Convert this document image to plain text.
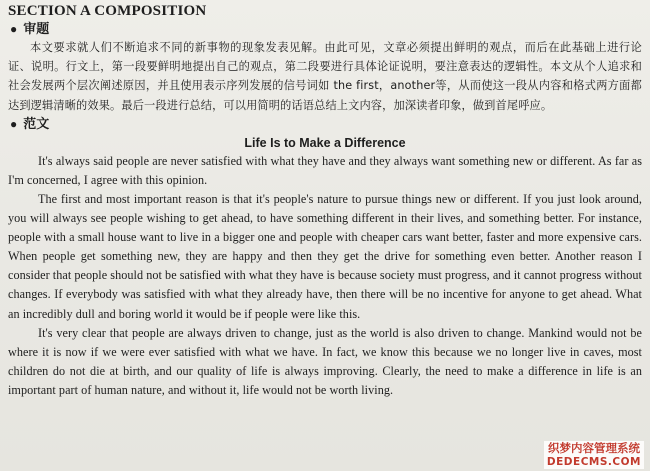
SECTION A COMPOSITION
● 审题

本文要求就人们不断追求不同的新事物的现象发表见解。由此可见，文章必须提出鲜明的观点，而后在此基础上进行论证、说明。行文上，第一段要鲜明地提出自己的观点，第二段要进行具体论证说明，要注意表达的逻辑性。本文从个人追求和社会发展两个层次阐述原因，并且使用表示序列发展的信号词如 the first，another等，从而使这一段从内容和格式两方面都达到逻辑清晰的效果。最后一段进行总结，可以用简明的话语总结上文内容，加深读者印象，做到首尾呼应。

● 范文
Life Is to Make a Difference

It's always said people are never satisfied with what they have and they always want something new or different. As far as I'm concerned, I agree with this opinion.

The first and most important reason is that it's people's nature to pursue things new or different. If you just look around, you will always see people wishing to get ahead, to have something different in their lives, and something better. For instance, people with a small house want to live in a bigger one and people with cheaper cars want better, faster and more expensive cars. When people get something new, they are happy and then they get the drive for something even better. Another reason I consider that people should not be satisfied with what they have is because society must progress, and it cannot progress without changes. If everybody was satisfied with what they already have, then there will be no incentive for anyone to get ahead. What an incredibly dull and boring world it would be if people were like this.

It's very clear that people are always driven to change, just as the world is also driven to change. Mankind would not be where it is now if we were ever satisfied with what we have. In fact, we know this because we no longer live in caves, most children do not die at birth, and our quality of life is always improving. Clearly, the need to make a difference in life is an important part of human nature, and without it, life would not be worth living.

织梦内容管理系统
DEDECMS.COM
